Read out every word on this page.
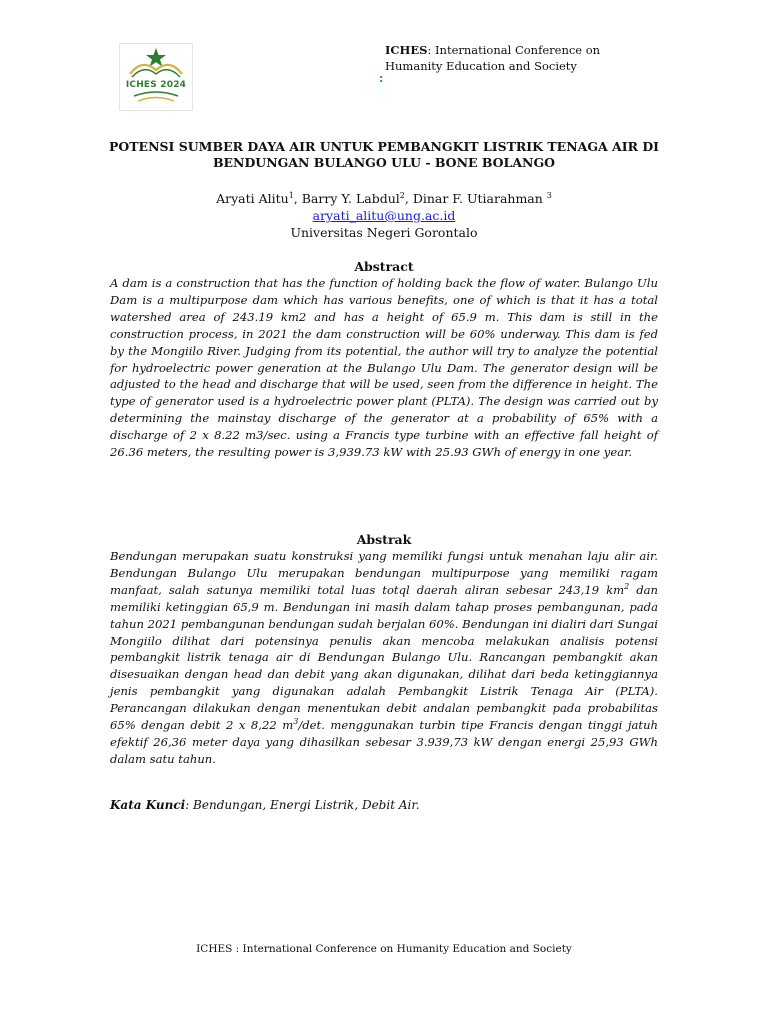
ICHES 2024
ICHES: International Conference on
Humanity Education and Society
:
POTENSI SUMBER DAYA AIR UNTUK PEMBANGKIT LISTRIK TENAGA AIR DI
BENDUNGAN BULANGO ULU - BONE BOLANGO
Aryati Alitu$^1$, Barry Y. Labdul$^2$, Dinar F. Utiarahman $^3$
aryati_alitu@ung.ac.id
Universitas Negeri Gorontalo
Abstract

A dam is a construction that has the function of holding back the flow of water. Bulango Ulu Dam is a multipurpose dam which has various benefits, one of which is that it has a total watershed area of 243.19 km2 and has a height of 65.9 m. This dam is still in the construction process, in 2021 the dam construction will be 60% underway. This dam is fed by the Mongiilo River. Judging from its potential, the author will try to analyze the potential for hydroelectric power generation at the Bulango Ulu Dam. The generator design will be adjusted to the head and discharge that will be used, seen from the difference in height. The type of generator used is a hydroelectric power plant (PLTA). The design was carried out by determining the mainstay discharge of the generator at a probability of 65% with a discharge of 2 x 8.22 m3/sec. using a Francis type turbine with an effective fall height of 26.36 meters, the resulting power is 3,939.73 kW with 25.93 GWh of energy in one year.

Abstrak

Bendungan merupakan suatu konstruksi yang memiliki fungsi untuk menahan laju alir air. Bendungan Bulango Ulu merupakan bendungan multipurpose yang memiliki ragam manfaat, salah satunya memiliki total luas totql daerah aliran sebesar 243,19 $km^2$ dan memiliki ketinggian 65,9 m. Bendungan ini masih dalam tahap proses pembangunan, pada tahun 2021 pembangunan bendungan sudah berjalan 60%. Bendungan ini dialiri dari Sungai Mongiilo dilihat dari potensinya penulis akan mencoba melakukan analisis potensi pembangkit listrik tenaga air di Bendungan Bulango Ulu. Rancangan pembangkit akan disesuaikan dengan head dan debit yang akan digunakan, dilihat dari beda ketinggiannya jenis pembangkit yang digunakan adalah Pembangkit Listrik Tenaga Air (PLTA). Perancangan dilakukan dengan menentukan debit andalan pembangkit pada probabilitas 65% dengan debit 2 x 8,22 $m^3/\det$. menggunakan turbin tipe Francis dengan tinggi jatuh efektif 26,36 meter daya yang dihasilkan sebesar 3.939,73 kW dengan energi 25,93 GWh dalam satu tahun.

Kata Kunci: Bendungan, Energi Listrik, Debit Air.

ICHES : International Conference on Humanity Education and Society
